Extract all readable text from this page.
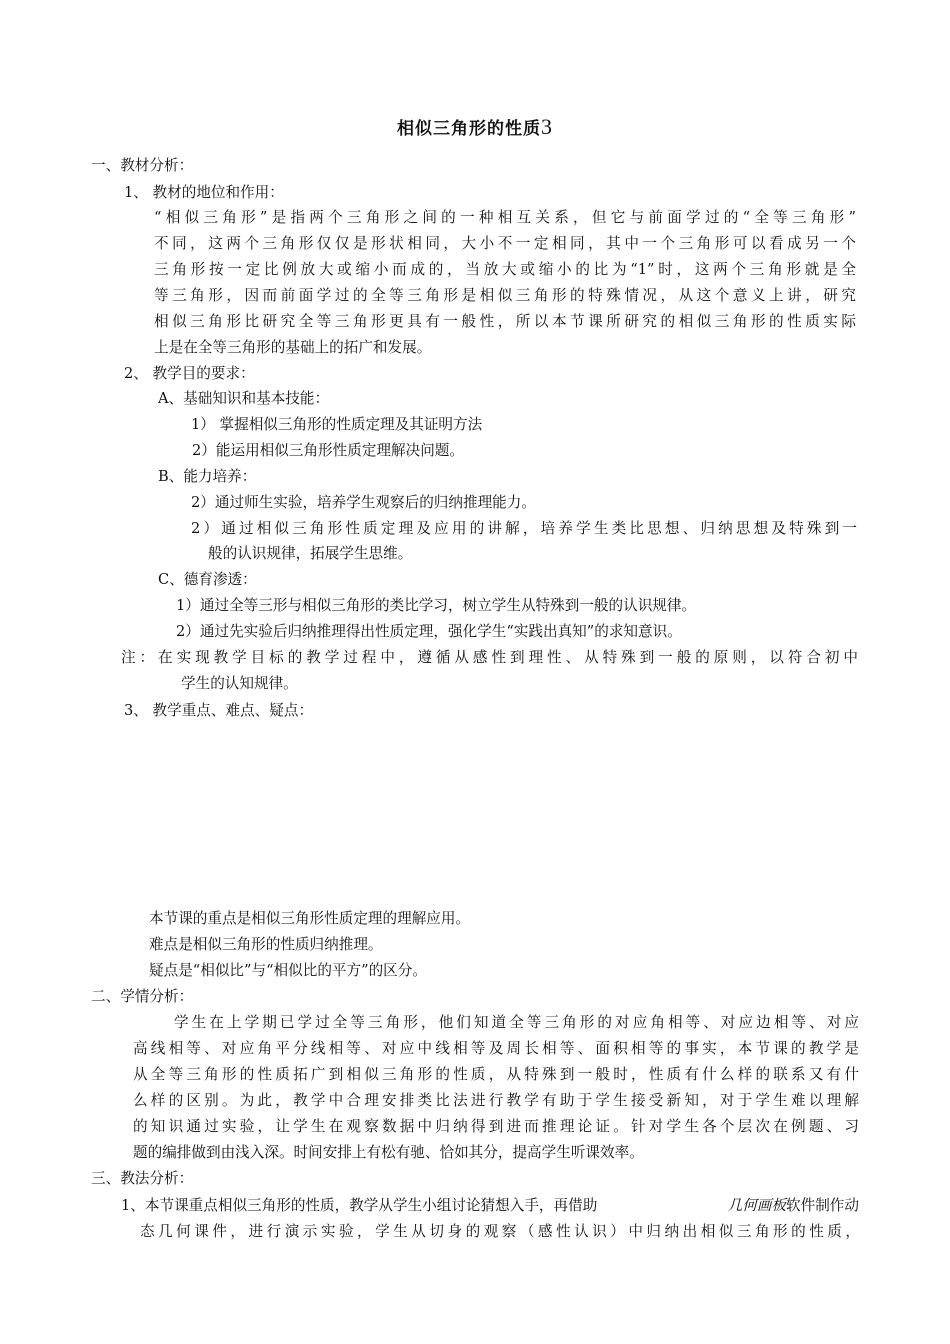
相似三角形的性质3
一、教材分析：
1、 教材的地位和作用：
“相似三角形”是指两个三角形之间的一种相互关系，但它与前面学过的“全等三角形”
不同，这两个三角形仅仅是形状相同，大小不一定相同，其中一个三角形可以看成另一个
三角形按一定比例放大或缩小而成的，当放大或缩小的比为“1”时，这两个三角形就是全
等三角形，因而前面学过的全等三角形是相似三角形的特殊情况，从这个意义上讲，研究
相似三角形比研究全等三角形更具有一般性，所以本节课所研究的相似三角形的性质实际
上是在全等三角形的基础上的拓广和发展。
2、 教学目的要求：
A、基础知识和基本技能：
1） 掌握相似三角形的性质定理及其证明方法
2）能运用相似三角形性质定理解决问题。
B、能力培养：
2）通过师生实验，培养学生观察后的归纳推理能力。
2）通过相似三角形性质定理及应用的讲解，培养学生类比思想、归纳思想及特殊到一
般的认识规律，拓展学生思维。
C、德育渗透：
1）通过全等三形与相似三角形的类比学习，树立学生从特殊到一般的认识规律。
2）通过先实验后归纳推理得出性质定理，强化学生“实践出真知”的求知意识。
注：在实现教学目标的教学过程中，遵循从感性到理性、从特殊到一般的原则，以符合初中
学生的认知规律。
3、 教学重点、难点、疑点：
本节课的重点是相似三角形性质定理的理解应用。
难点是相似三角形的性质归纳推理。
疑点是“相似比”与“相似比的平方”的区分。
二、学情分析：
学生在上学期已学过全等三角形，他们知道全等三角形的对应角相等、对应边相等、对应
高线相等、对应角平分线相等、对应中线相等及周长相等、面积相等的事实，本节课的教学是
从全等三角形的性质拓广到相似三角形的性质，从特殊到一般时，性质有什么样的联系又有什
么样的区别。为此，教学中合理安排类比法进行教学有助于学生接受新知，对于学生难以理解
的知识通过实验，让学生在观察数据中归纳得到进而推理论证。针对学生各个层次在例题、习
题的编排做到由浅入深。时间安排上有松有驰、恰如其分，提高学生听课效率。
三、教法分析：
1、本节课重点相似三角形的性质，教学从学生小组讨论猜想入手，再借助	几何画板 软件制作动
态几何课件，进行演示实验，学生从切身的观察（感性认识）中归纳出相似三角形的性质，
